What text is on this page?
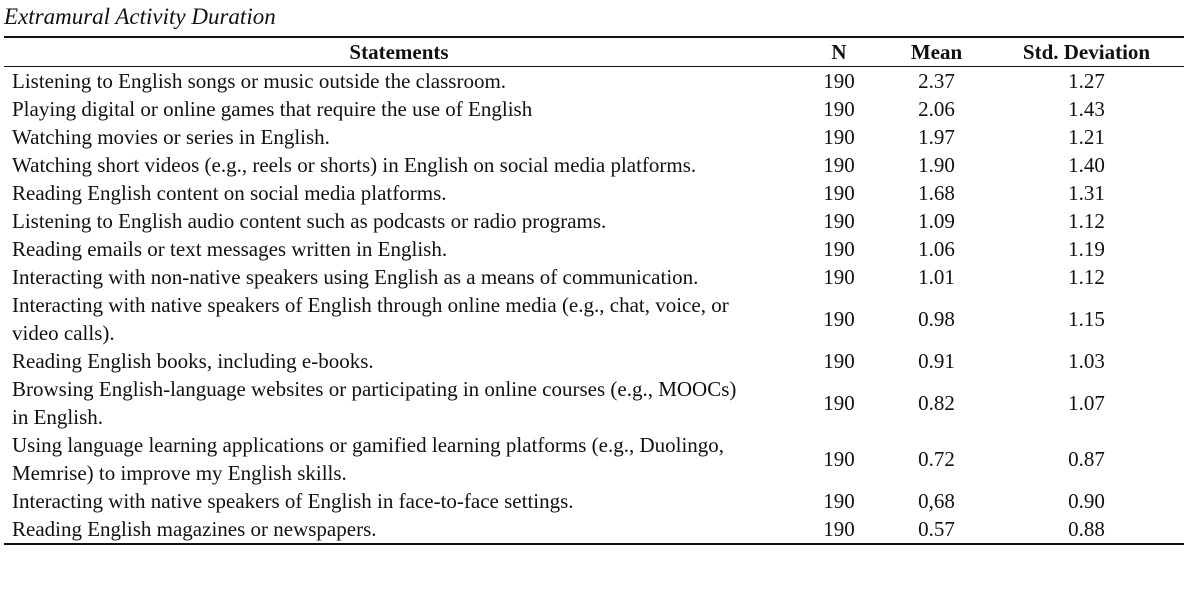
Extramural Activity Duration
Statements	N	Mean	Std. Deviation
Listening to English songs or music outside the classroom.	190	2.37	1.27
Playing digital or online games that require the use of English	190	2.06	1.43
Watching movies or series in English.	190	1.97	1.21
Watching short videos (e.g., reels or shorts) in English on social media platforms.	190	1.90	1.40
Reading English content on social media platforms.	190	1.68	1.31
Listening to English audio content such as podcasts or radio programs.	190	1.09	1.12
Reading emails or text messages written in English.	190	1.06	1.19
Interacting with non-native speakers using English as a means of communication.	190	1.01	1.12
Interacting with native speakers of English through online media (e.g., chat, voice, or video calls).	190	0.98	1.15
Reading English books, including e-books.	190	0.91	1.03
Browsing English-language websites or participating in online courses (e.g., MOOCs) in English.	190	0.82	1.07
Using language learning applications or gamified learning platforms (e.g., Duolingo, Memrise) to improve my English skills.	190	0.72	0.87
Interacting with native speakers of English in face-to-face settings.	190	0,68	0.90
Reading English magazines or newspapers.	190	0.57	0.88
